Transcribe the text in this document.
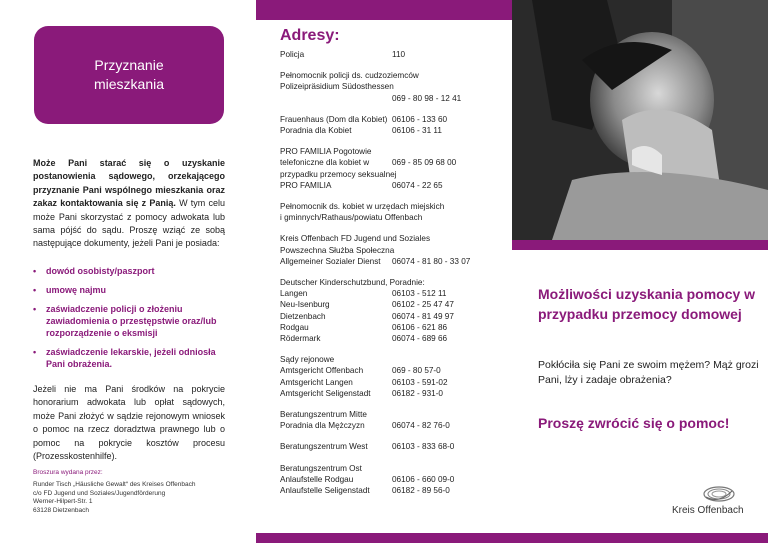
Przyznanie
mieszkania
Może Pani starać się o uzyskanie postanowienia sądowego, orzekającego przyznanie Pani wspólnego mieszkania oraz zakaz kontaktowania się z Panią. W tym celu może Pani skorzystać z pomocy adwokata lub sama pójść do sądu. Proszę wziąć ze sobą następujące dokumenty, jeżeli Pani je posiada:
• dowód osobisty/paszport
• umowę najmu
• zaświadczenie policji o złożeniu zawiadomienia o przestępstwie oraz/lub rozporządzenie o eksmisji
• zaświadczenie lekarskie, jeżeli odniosła Pani obrażenia.
Jeżeli nie ma Pani środków na pokrycie honorarium adwokata lub opłat sądowych, może Pani złożyć w sądzie rejonowym wniosek o pomoc na rzecz doradztwa prawnego lub o pomoc na pokrycie kosztów procesu (Prozesskostenhilfe).
Broszura wydana przez:
Runder Tisch „Häusliche Gewalt“ des Kreises Offenbach
c/o FD Jugend und Soziales/Jugendförderung
Werner-Hilpert-Str. 1
63128 Dietzenbach
Adresy:
Policja	110
Pełnomocnik policji ds. cudzoziemców
Polizeipräsidium Südosthessen
069 - 80 98 - 12 41
Frauenhaus (Dom dla Kobiet) 06106 - 133 60
Poradnia dla Kobiet	06106 - 31 11
PRO FAMILIA Pogotowie
telefoniczne dla kobiet w	069 - 85 09 68 00
przypadku przemocy seksualnej
PRO FAMILIA	06074 - 22 65
Pełnomocnik ds. kobiet w urzędach miejskich
i gminnych/Rathaus/powiatu Offenbach
Kreis Offenbach FD Jugend und Soziales
Powszechna Służba Społeczna
Allgemeiner Sozialer Dienst	06074 - 81 80 - 33 07
Deutscher Kinderschutzbund, Poradnie:
Langen	06103 - 512 11
Neu-Isenburg	06102 - 25 47 47
Dietzenbach	06074 - 81 49 97
Rodgau	06106 - 621 86
Rödermark	06074 - 689 66
Sądy rejonowe
Amtsgericht Offenbach	069 - 80 57-0
Amtsgericht Langen	06103 - 591-02
Amtsgericht Seligenstadt	06182 - 931-0
Beratungszentrum Mitte
Poradnia dla Mężczyzn	06074 - 82 76-0
Beratungszentrum West	06103 - 833 68-0
Beratungszentrum Ost
Anlaufstelle Rodgau	06106 - 660 09-0
Anlaufstelle Seligenstadt	06182 - 89 56-0
Możliwości uzyskania pomocy w przypadku przemocy domowej
Pokłóciła się Pani ze swoim mężem? Mąż grozi Pani, lży i zadaje obrażenia?
Proszę zwrócić się o pomoc!
Kreis Offenbach
